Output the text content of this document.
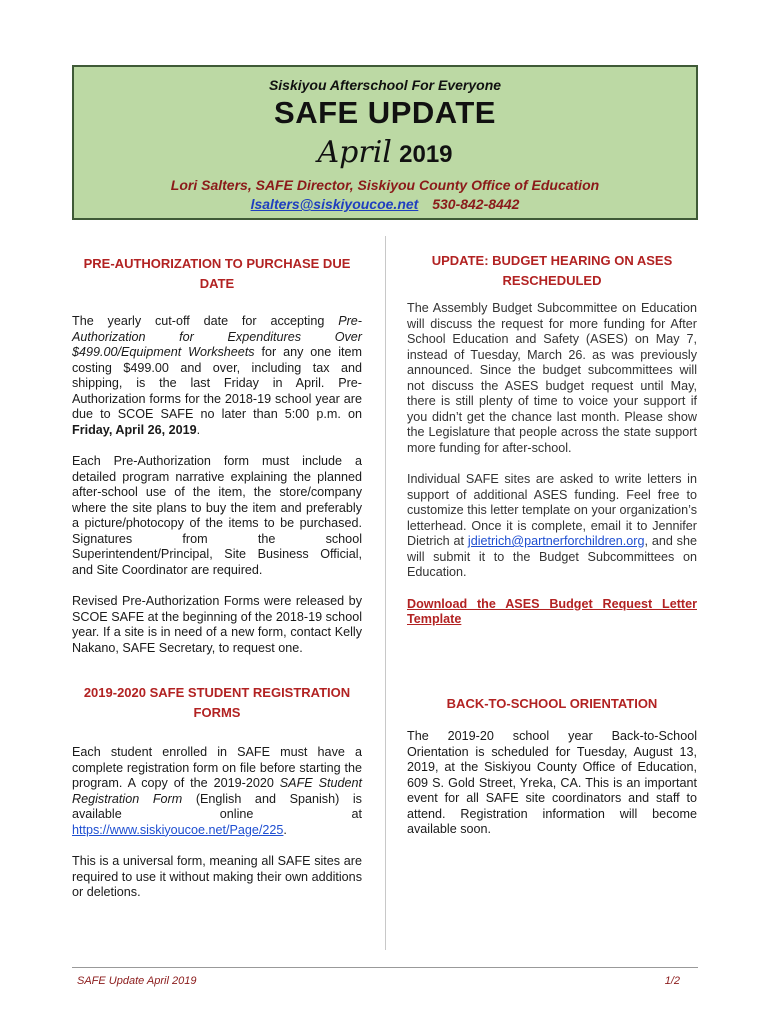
Siskiyou Afterschool For Everyone
SAFE UPDATE
April 2019
Lori Salters, SAFE Director, Siskiyou County Office of Education
lsalters@siskiyoucoe.net 530-842-8442
PRE-AUTHORIZATION TO PURCHASE DUE DATE

The yearly cut-off date for accepting Pre-Authorization for Expenditures Over $499.00/Equipment Worksheets for any one item costing $499.00 and over, including tax and shipping, is the last Friday in April. Pre-Authorization forms for the 2018-19 school year are due to SCOE SAFE no later than 5:00 p.m. on Friday, April 26, 2019.

Each Pre-Authorization form must include a detailed program narrative explaining the planned after-school use of the item, the store/company where the site plans to buy the item and preferably a picture/photocopy of the items to be purchased. Signatures from the school Superintendent/Principal, Site Business Official, and Site Coordinator are required.

Revised Pre-Authorization Forms were released by SCOE SAFE at the beginning of the 2018-19 school year. If a site is in need of a new form, contact Kelly Nakano, SAFE Secretary, to request one.

2019-2020 SAFE STUDENT REGISTRATION FORMS

Each student enrolled in SAFE must have a complete registration form on file before starting the program. A copy of the 2019-2020 SAFE Student Registration Form (English and Spanish) is available online at https://www.siskiyoucoe.net/Page/225.

This is a universal form, meaning all SAFE sites are required to use it without making their own additions or deletions.

UPDATE: BUDGET HEARING ON ASES RESCHEDULED

The Assembly Budget Subcommittee on Education will discuss the request for more funding for After School Education and Safety (ASES) on May 7, instead of Tuesday, March 26. as was previously announced. Since the budget subcommittees will not discuss the ASES budget request until May, there is still plenty of time to voice your support if you didn’t get the chance last month. Please show the Legislature that people across the state support more funding for after-school.

Individual SAFE sites are asked to write letters in support of additional ASES funding. Feel free to customize this letter template on your organization’s letterhead. Once it is complete, email it to Jennifer Dietrich at jdietrich@partnerforchildren.org, and she will submit it to the Budget Subcommittees on Education.

Download the ASES Budget Request Letter Template
BACK-TO-SCHOOL ORIENTATION

The 2019-20 school year Back-to-School Orientation is scheduled for Tuesday, August 13, 2019, at the Siskiyou County Office of Education, 609 S. Gold Street, Yreka, CA. This is an important event for all SAFE site coordinators and staff to attend. Registration information will become available soon.

SAFE Update April 2019	1/2
